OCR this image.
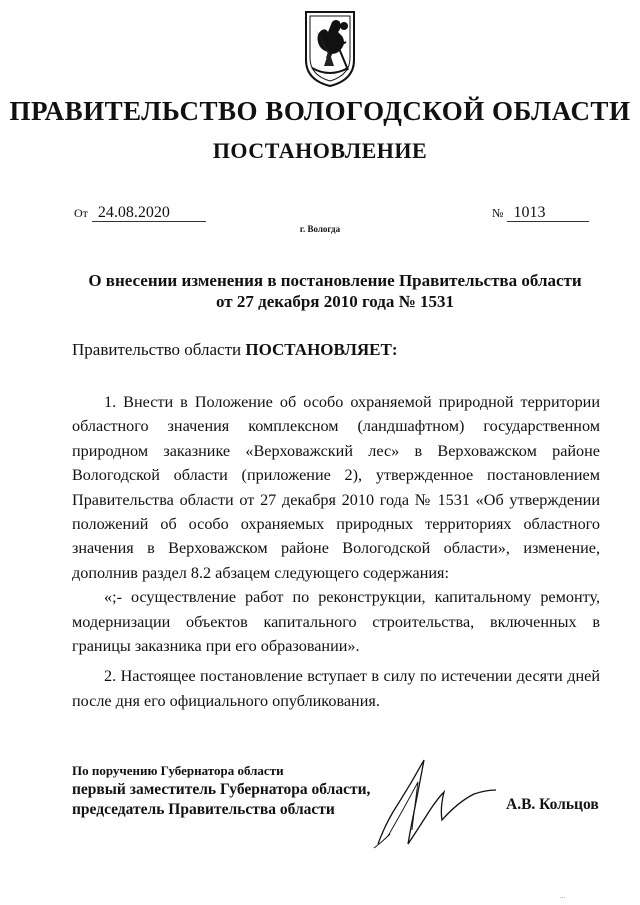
ПРАВИТЕЛЬСТВО ВОЛОГОДСКОЙ ОБЛАСТИ
ПОСТАНОВЛЕНИЕ
От 24.08.2020	№ 1013
г. Вологда
О внесении изменения в постановление Правительства области
от 27 декабря 2010 года № 1531
Правительство области ПОСТАНОВЛЯЕТ:

1. Внести в Положение об особо охраняемой природной территории областного значения комплексном (ландшафтном) государственном природном заказнике «Верховажский лес» в Верховажском районе Вологодской области (приложение 2), утвержденное постановлением Правительства области от 27 декабря 2010 года № 1531 «Об утверждении положений об особо охраняемых природных территориях областного значения в Верховажском районе Вологодской области», изменение, дополнив раздел 8.2 абзацем следующего содержания:

«;- осуществление работ по реконструкции, капитальному ремонту, модернизации объектов капитального строительства, включенных в границы заказника при его образовании».

2. Настоящее постановление вступает в силу по истечении десяти дней после дня его официального опубликования.

По поручению Губернатора области
первый заместитель Губернатора области,
председатель Правительства области	А.В. Кольцов
...
